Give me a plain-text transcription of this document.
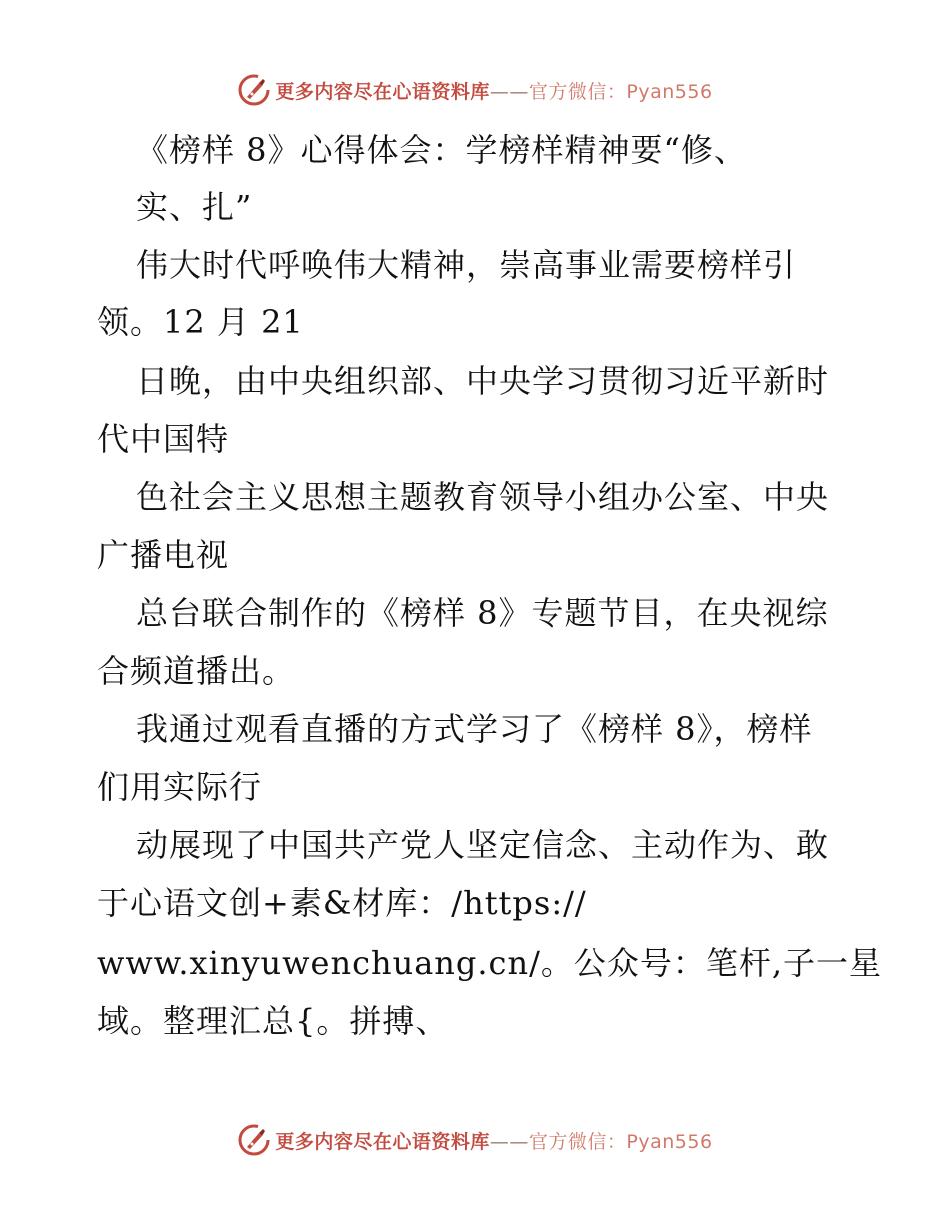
更多内容尽在心语资料库——官方微信：Pyan556
《榜样 8》心得体会：学榜样精神要“修、
实、扎”
伟大时代呼唤伟大精神，崇高事业需要榜样引
领。12 月 21
日晚，由中央组织部、中央学习贯彻习近平新时
代中国特
色社会主义思想主题教育领导小组办公室、中央
广播电视
总台联合制作的《榜样 8》专题节目，在央视综
合频道播出。
我通过观看直播的方式学习了《榜样 8》，榜样
们用实际行
动展现了中国共产党人坚定信念、主动作为、敢
于心语文创+素&材库：/https://
www.xinyuwenchuang.cn/。公众号：笔杆,子一星
域。整理汇总{。拼搏、
更多内容尽在心语资料库——官方微信：Pyan556
